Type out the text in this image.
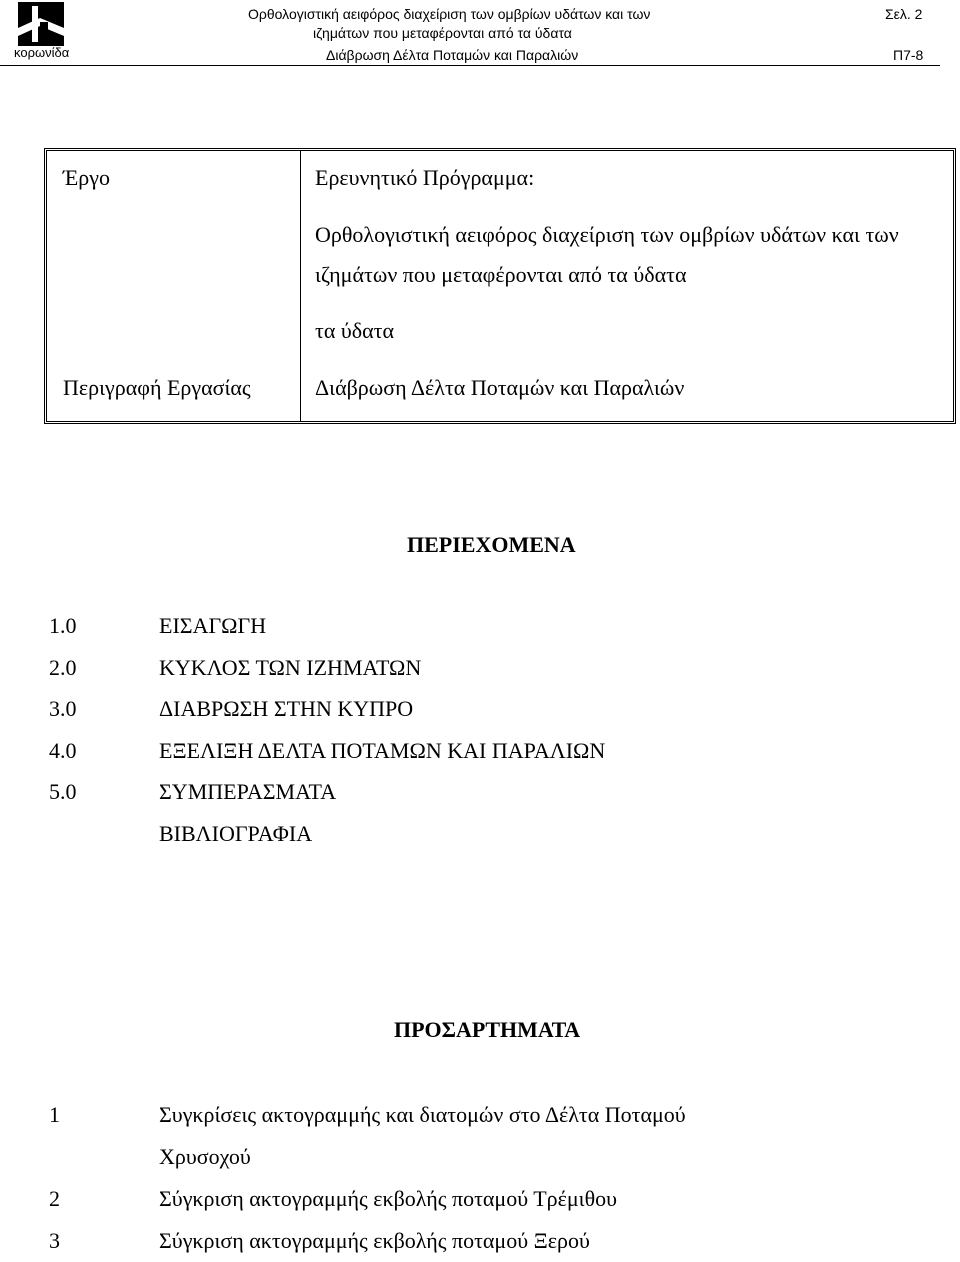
κορωνίδα
Ορθολογιστική αειφόρος διαχείριση των ομβρίων υδάτων και των	Σελ. 2
ιζημάτων που μεταφέρονται από τα ύδατα
Διάβρωση Δέλτα Ποταμών και Παραλιών	Π7-8
Έργο	Ερευνητικό Πρόγραμμα:
Ορθολογιστική αειφόρος διαχείριση των ομβρίων υδάτων και των
ιζημάτων που μεταφέρονται από τα ύδατα
τα ύδατα
Περιγραφή Εργασίας	Διάβρωση Δέλτα Ποταμών και Παραλιών
ΠΕΡΙΕΧΟΜΕΝΑ
1.0	ΕΙΣΑΓΩΓΗ
2.0	ΚΥΚΛΟΣ ΤΩΝ ΙΖΗΜΑΤΩΝ
3.0	ΔΙΑΒΡΩΣΗ ΣΤΗΝ ΚΥΠΡΟ
4.0	ΕΞΕΛΙΞΗ ΔΕΛΤΑ ΠΟΤΑΜΩΝ ΚΑΙ ΠΑΡΑΛΙΩΝ
5.0	ΣΥΜΠΕΡΑΣΜΑΤΑ
ΒΙΒΛΙΟΓΡΑΦΙΑ
ΠΡΟΣΑΡΤΗΜΑΤΑ
1	Συγκρίσεις ακτογραμμής και διατομών στο Δέλτα Ποταμού
Χρυσοχού
2	Σύγκριση ακτογραμμής εκβολής ποταμού Τρέμιθου
3	Σύγκριση ακτογραμμής εκβολής ποταμού Ξερού
